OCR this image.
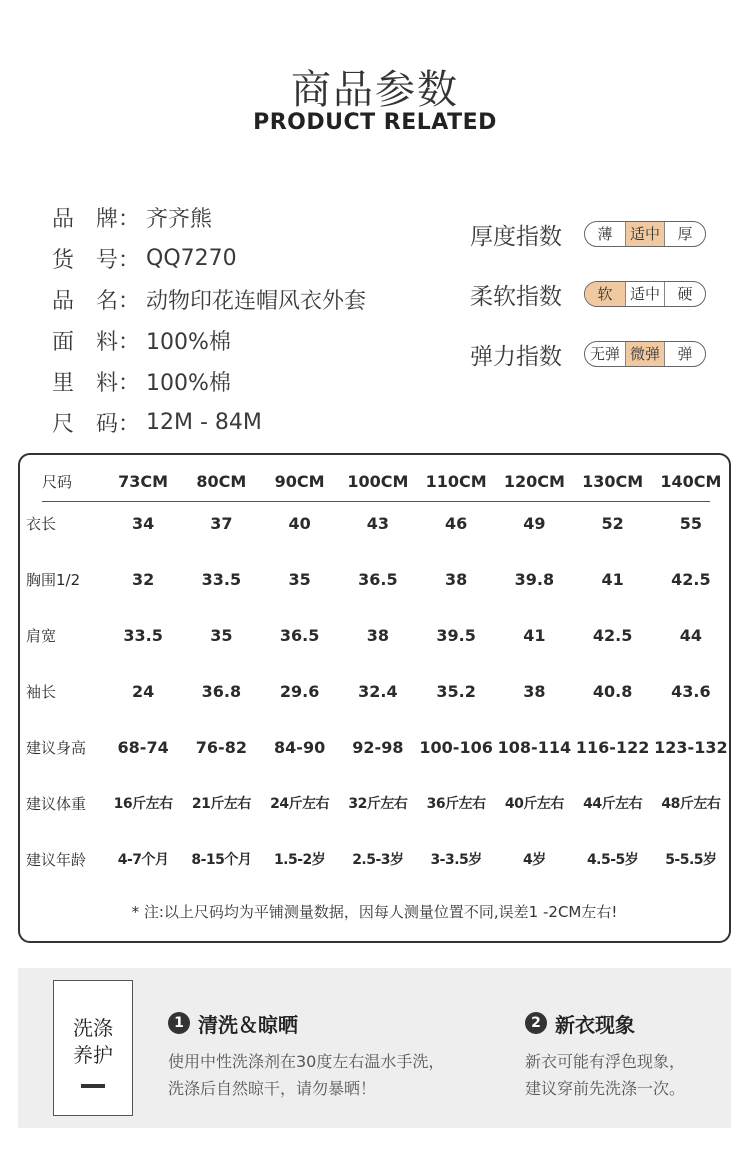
商品参数
PRODUCT RELATED
品　牌： 齐齐熊
货　号： QQ7270
品　名： 动物印花连帽风衣外套
面　料： 100%棉
里　料： 100%棉
尺　码： 12M - 84M
厚度指数	薄	适中	厚
柔软指数	软	适中	硬
弹力指数	无弹 微弹	弹
尺码	73CM	80CM	90CM	100CM	110CM	120CM	130CM	140CM
衣长	34	37	40	43	46	49	52	55
胸围1/2	32	33.5	35	36.5	38	39.8	41	42.5
肩宽	33.5	35	36.5	38	39.5	41	42.5	44
袖长	24	36.8	29.6	32.4	35.2	38	40.8	43.6
建议身高	68-74	76-82	84-90	92-98	100-106	108-114	116-122	123-132
建议体重	16斤左右	21斤左右	24斤左右	32斤左右	36斤左右	40斤左右	44斤左右	48斤左右
建议年龄	4-7个月	8-15个月	1.5-2岁	2.5-3岁	3-3.5岁	4岁	4.5-5岁	5-5.5岁
* 注:以上尺码均为平铺测量数据，因每人测量位置不同,误差1 -2CM左右!
洗涤
养护
1 清洗＆晾晒
使用中性洗涤剂在30度左右温水手洗，
洗涤后自然晾干，请勿暴晒！
2 新衣现象
新衣可能有浮色现象，
建议穿前先洗涤一次。
